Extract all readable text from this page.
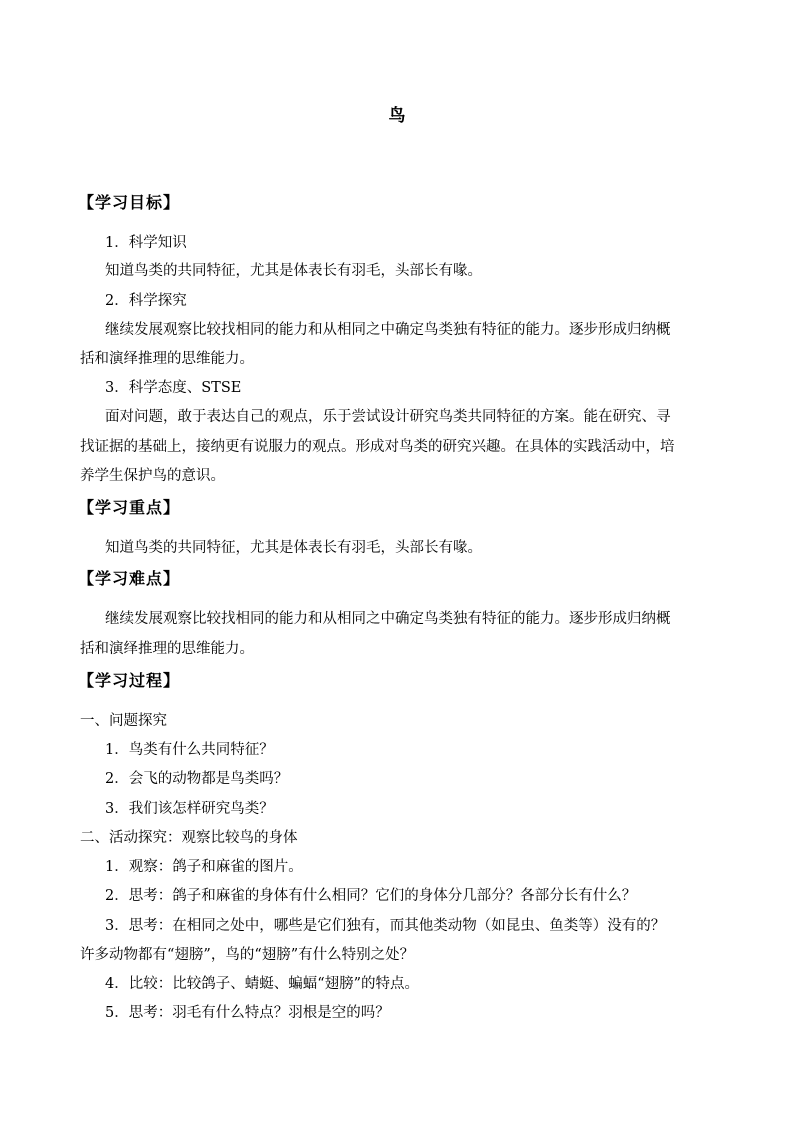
鸟
【学习目标】
1．科学知识
知道鸟类的共同特征，尤其是体表长有羽毛，头部长有喙。
2．科学探究
继续发展观察比较找相同的能力和从相同之中确定鸟类独有特征的能力。逐步形成归纳概
括和演绎推理的思维能力。
3．科学态度、STSE
面对问题，敢于表达自己的观点，乐于尝试设计研究鸟类共同特征的方案。能在研究、寻
找证据的基础上，接纳更有说服力的观点。形成对鸟类的研究兴趣。在具体的实践活动中，培
养学生保护鸟的意识。
【学习重点】
知道鸟类的共同特征，尤其是体表长有羽毛，头部长有喙。
【学习难点】
继续发展观察比较找相同的能力和从相同之中确定鸟类独有特征的能力。逐步形成归纳概
括和演绎推理的思维能力。
【学习过程】
一、问题探究
1．鸟类有什么共同特征？
2．会飞的动物都是鸟类吗？
3．我们该怎样研究鸟类？
二、活动探究：观察比较鸟的身体
1．观察：鸽子和麻雀的图片。
2．思考：鸽子和麻雀的身体有什么相同？它们的身体分几部分？各部分长有什么？
3．思考：在相同之处中，哪些是它们独有，而其他类动物（如昆虫、鱼类等）没有的？
许多动物都有“翅膀”，鸟的“翅膀”有什么特别之处？
4．比较：比较鸽子、蜻蜓、蝙蝠“翅膀”的特点。
5．思考：羽毛有什么特点？羽根是空的吗？
